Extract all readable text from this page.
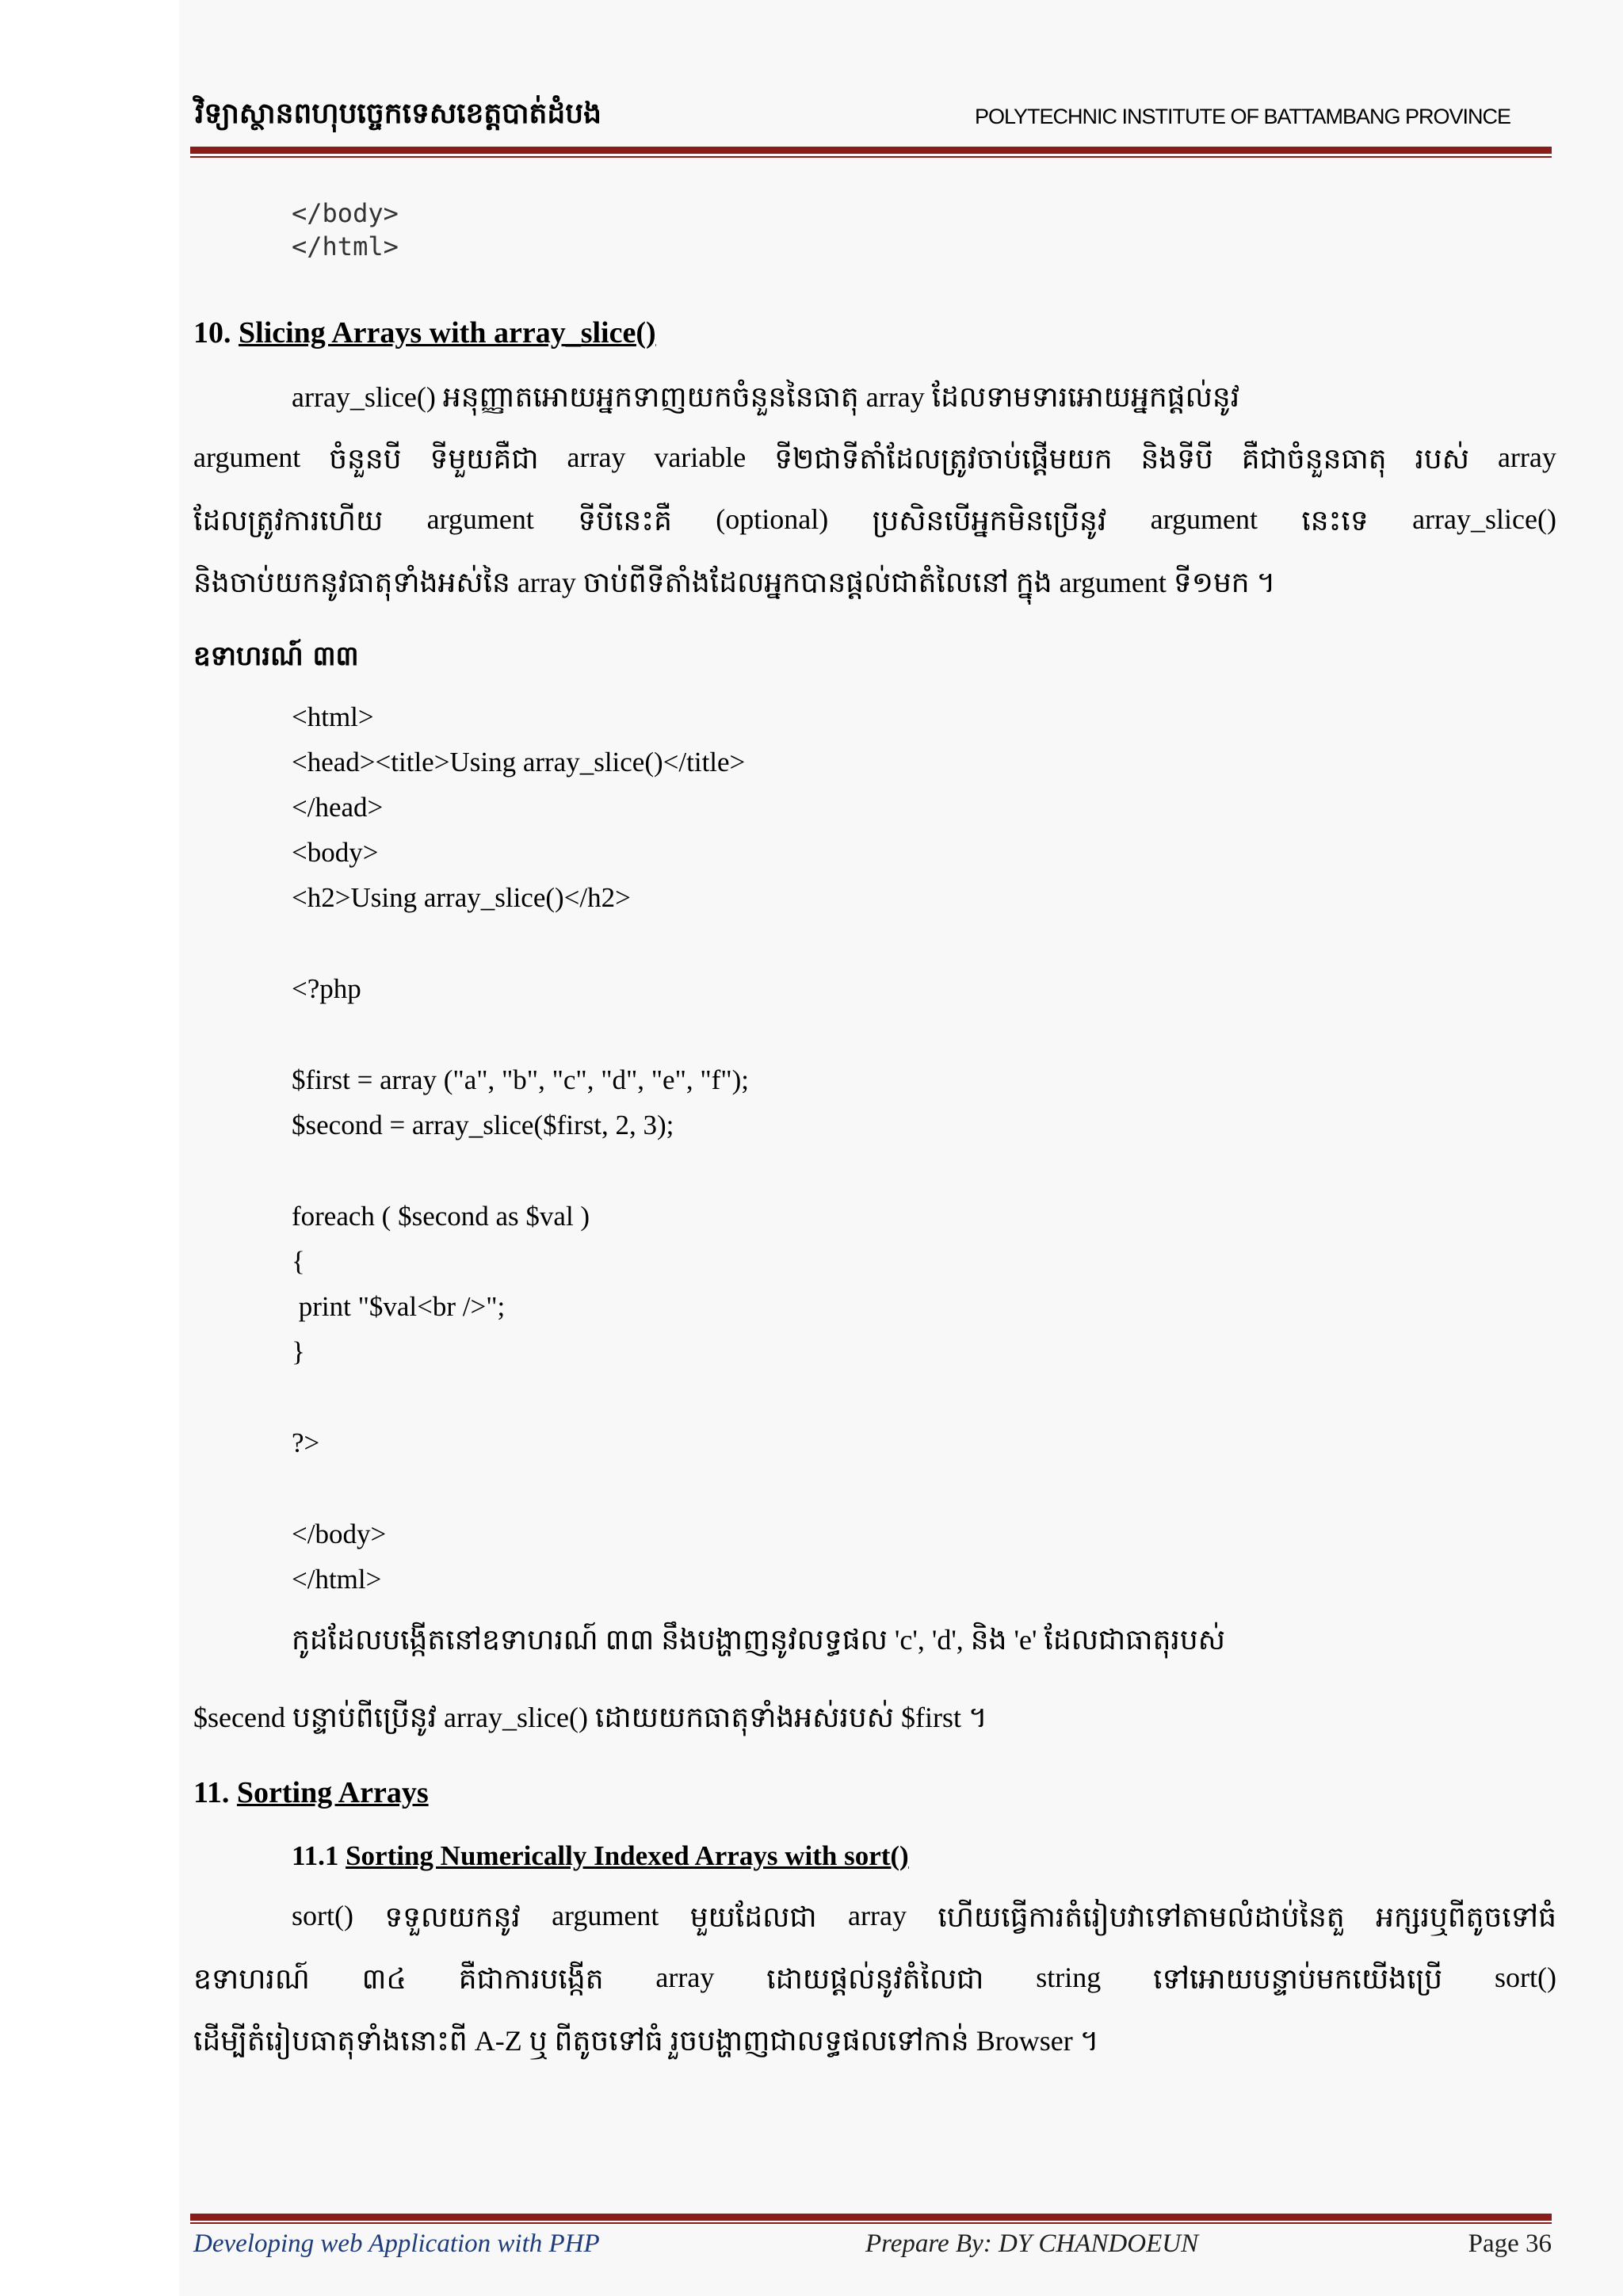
វិទ្យាស្ថានពហុបច្ចេកទេសខេត្តបាត់ដំបង	POLYTECHNIC INSTITUTE OF BATTAMBANG PROVINCE
</body>
</html>
10. Slicing Arrays with array_slice()
array_slice() អនុញ្ញាតអោយអ្នកទាញយកចំនួននៃធាតុ array ដែលទាមទារអោយអ្នកផ្តល់នូវ
argument ចំនួនបី ទីមួយគឺជា array variable ទី២ជាទីតាំដែលត្រូវចាប់ផ្តើមយក និងទីបី គឺជាចំនួនធាតុ របស់ array
ដែលត្រូវការហើយ argument ទីបីនេះគឺ (optional) ប្រសិនបើអ្នកមិនប្រើនូវ argument នេះទេ array_slice()
និងចាប់យកនូវធាតុទាំងអស់នៃ array ចាប់ពីទីតាំងដែលអ្នកបានផ្តល់ជាតំលៃនៅ ក្នុង argument ទី១មក ។
ឧទាហរណ៍ ៣៣
<html>
<head><title>Using array_slice()</title>
</head>
<body>
<h2>Using array_slice()</h2>
<?php
$first = array ("a", "b", "c", "d", "e", "f");
$second = array_slice($first, 2, 3);
foreach ( $second as $val )
{
print "$val<br />";
}
?>
</body>
</html>
កូដដែលបង្កើតនៅឧទាហរណ៍ ៣៣ នឹងបង្ហាញនូវលទ្ធផល 'c', 'd', និង 'e' ដែលជាធាតុរបស់
$secend បន្ទាប់ពីប្រើនូវ array_slice() ដោយយកធាតុទាំងអស់របស់ $first ។
11. Sorting Arrays
11.1 Sorting Numerically Indexed Arrays with sort()
sort() ទទួលយកនូវ argument មួយដែលជា array ហើយធ្វើការតំរៀបវាទៅតាមលំដាប់នៃតួ អក្សរឬពីតូចទៅធំ
ឧទាហរណ៍ ៣៤ គឺជាការបង្កើត array ដោយផ្តល់នូវតំលៃជា string ទៅអោយបន្ទាប់មកយើងប្រើ sort()
ដើម្បីតំរៀបធាតុទាំងនោះពី A-Z ឬ ពីតូចទៅធំ រួចបង្ហាញជាលទ្ធផលទៅកាន់ Browser ។
Developing web Application with PHP	Prepare By: DY CHANDOEUN	Page 36
